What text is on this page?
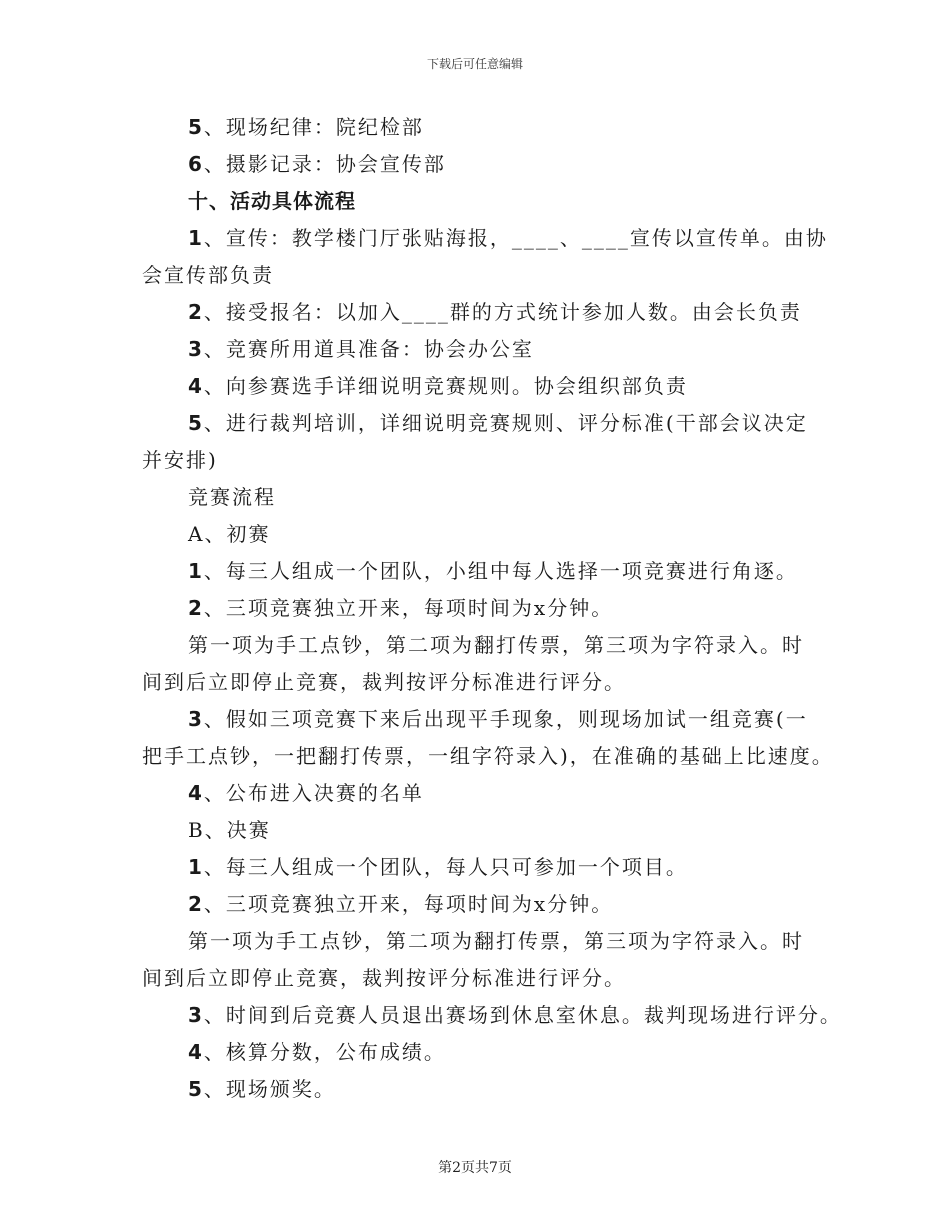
下载后可任意编辑
5 、现场纪律：院纪检部
6 、摄影记录：协会宣传部
十、活动具体流程
1 、宣传：教学楼门厅张贴海报，____、____宣传以宣传单。由协
会宣传部负责
2 、接受报名：以加入____群的方式统计参加人数。由会长负责
3 、竞赛所用道具准备：协会办公室
4 、向参赛选手详细说明竞赛规则。协会组织部负责
5 、进行裁判培训，详细说明竞赛规则、评分标准(干部会议决定
并安排)
竞赛流程
A、初赛
1 、每三人组成一个团队，小组中每人选择一项竞赛进行角逐。
2 、三项竞赛独立开来，每项时间为x分钟。
第一项为手工点钞，第二项为翻打传票，第三项为字符录入。时
间到后立即停止竞赛，裁判按评分标准进行评分。
3 、假如三项竞赛下来后出现平手现象，则现场加试一组竞赛(一
把手工点钞，一把翻打传票，一组字符录入)，在准确的基础上比速度。
4 、公布进入决赛的名单
B、决赛
1 、每三人组成一个团队，每人只可参加一个项目。
2 、三项竞赛独立开来，每项时间为x分钟。
第一项为手工点钞，第二项为翻打传票，第三项为字符录入。时
间到后立即停止竞赛，裁判按评分标准进行评分。
3 、时间到后竞赛人员退出赛场到休息室休息。裁判现场进行评分。
4 、核算分数，公布成绩。
5 、现场颁奖。
第2页共7页
